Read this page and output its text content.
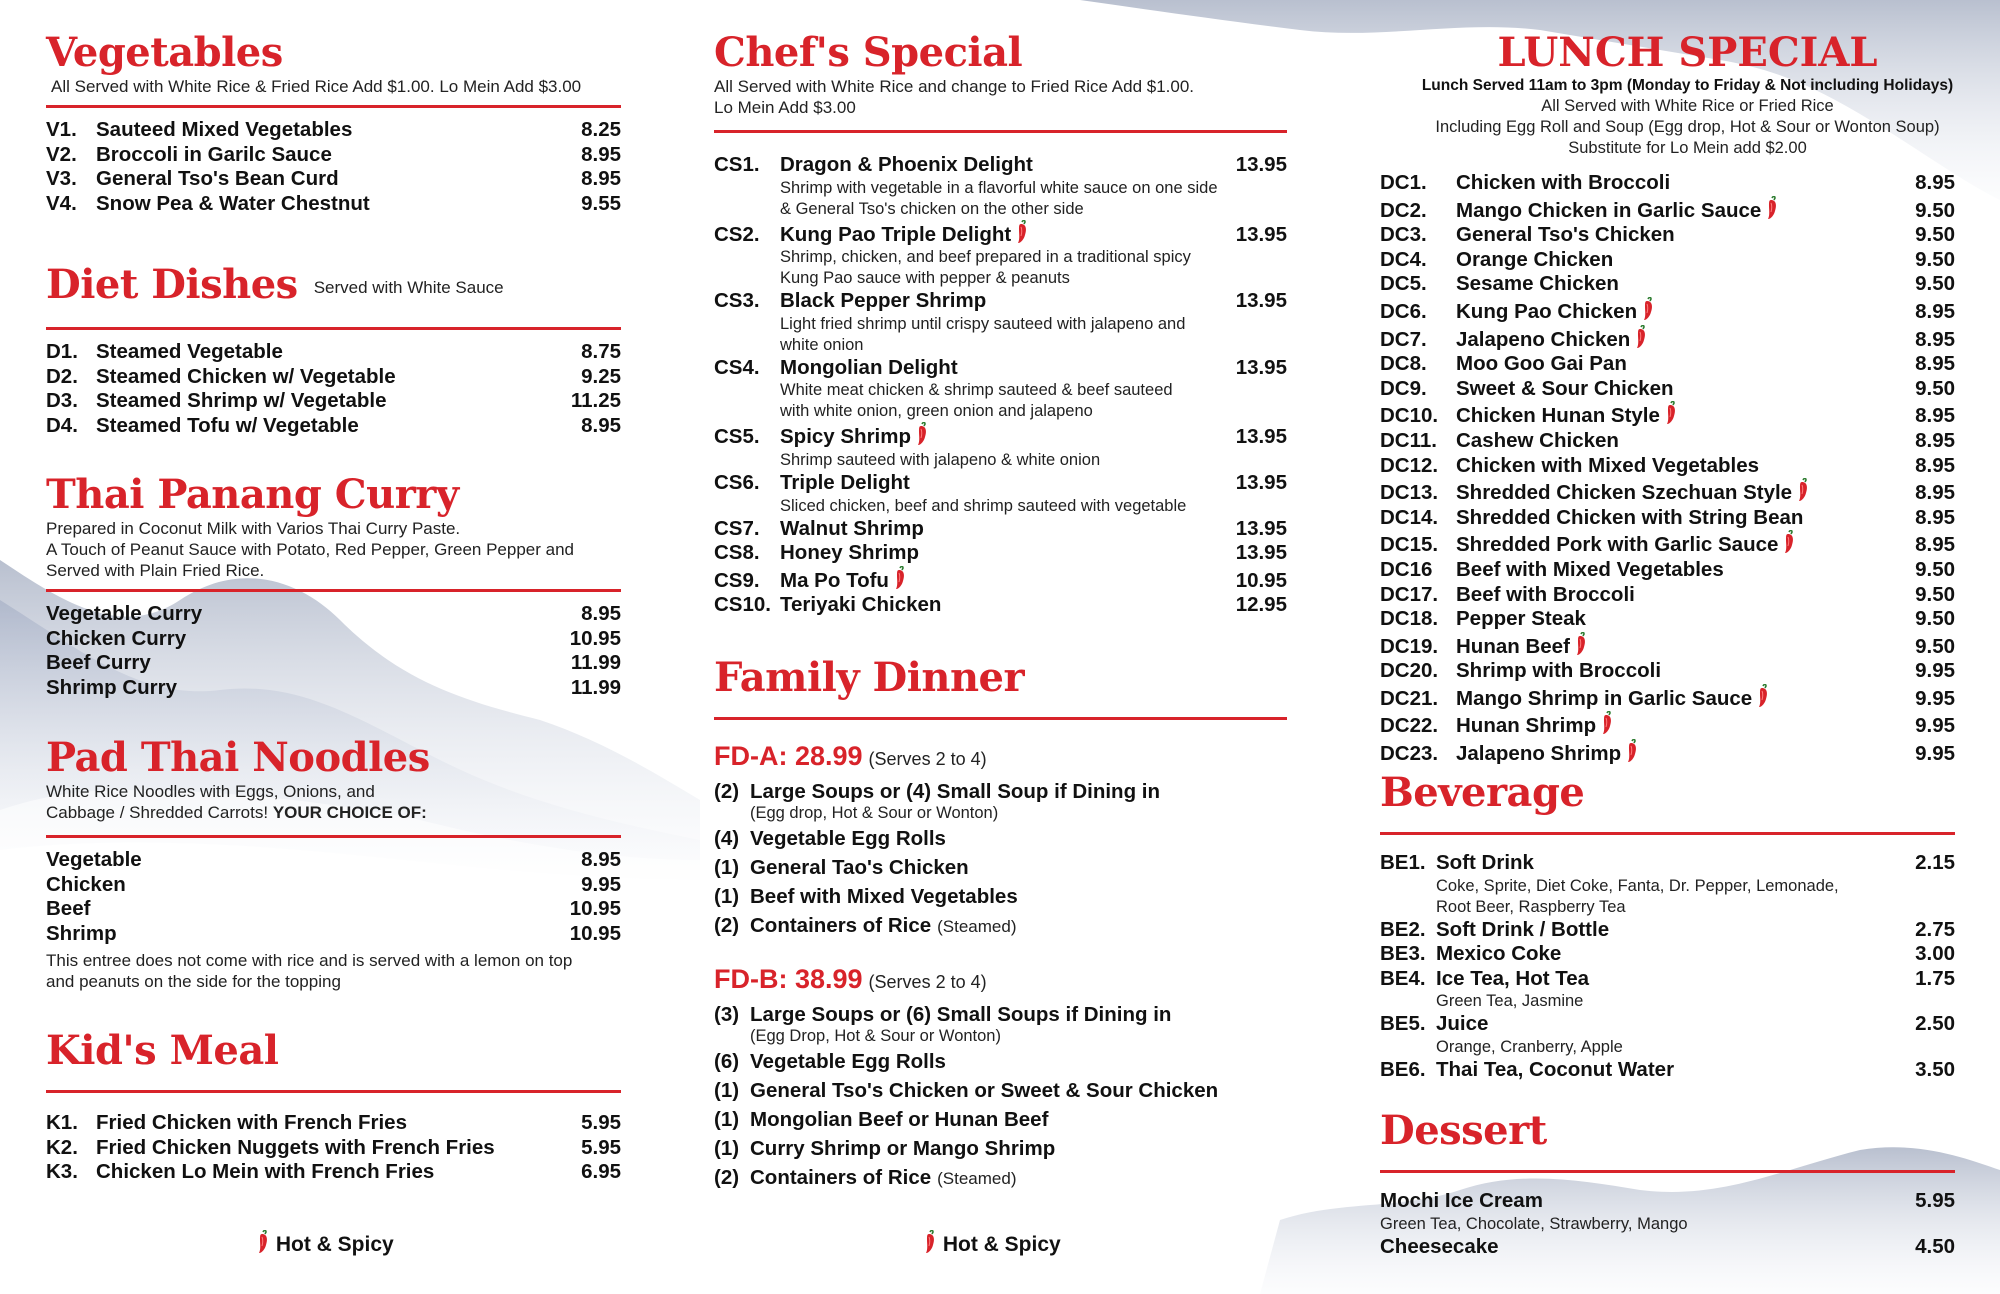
Vegetables
All Served with White Rice & Fried Rice Add $1.00. Lo Mein Add $3.00
V1. Sauteed Mixed Vegetables	8.25
V2. Broccoli in Garilc Sauce	8.95
V3. General Tso's Bean Curd	8.95
V4. Snow Pea & Water Chestnut	9.55
Diet Dishes Served with White Sauce
D1. Steamed Vegetable	8.75
D2. Steamed Chicken w/ Vegetable	9.25
D3. Steamed Shrimp w/ Vegetable	11.25
D4. Steamed Tofu w/ Vegetable	8.95
Thai Panang Curry
Prepared in Coconut Milk with Varios Thai Curry Paste.
A Touch of Peanut Sauce with Potato, Red Pepper, Green Pepper and
Served with Plain Fried Rice.
Vegetable Curry	8.95
Chicken Curry	10.95
Beef Curry	11.99
Shrimp Curry	11.99
Pad Thai Noodles
White Rice Noodles with Eggs, Onions, and
Cabbage / Shredded Carrots! YOUR CHOICE OF:
Vegetable	8.95
Chicken	9.95
Beef	10.95
Shrimp	10.95
This entree does not come with rice and is served with a lemon on top
and peanuts on the side for the topping
Kid's Meal
K1. Fried Chicken with French Fries	5.95
K2. Fried Chicken Nuggets with French Fries	5.95
K3. Chicken Lo Mein with French Fries	6.95
Hot & Spicy
Chef's Special
All Served with White Rice and change to Fried Rice Add $1.00.
Lo Mein Add $3.00
CS1. Dragon & Phoenix Delight	13.95
Shrimp with vegetable in a flavorful white sauce on one side
& General Tso's chicken on the other side
CS2. Kung Pao Triple Delight	13.95
Shrimp, chicken, and beef prepared in a traditional spicy
Kung Pao sauce with pepper & peanuts
CS3. Black Pepper Shrimp	13.95
Light fried shrimp until crispy sauteed with jalapeno and
white onion
CS4. Mongolian Delight	13.95
White meat chicken & shrimp sauteed & beef sauteed
with white onion, green onion and jalapeno
CS5. Spicy Shrimp	13.95
Shrimp sauteed with jalapeno & white onion
CS6. Triple Delight	13.95
Sliced chicken, beef and shrimp sauteed with vegetable
CS7. Walnut Shrimp	13.95
CS8. Honey Shrimp	13.95
CS9. Ma Po Tofu	10.95
CS10. Teriyaki Chicken	12.95
Family Dinner
FD-A: 28.99 (Serves 2 to 4)
(2) Large Soups or (4) Small Soup if Dining in
(Egg drop, Hot & Sour or Wonton)
(4) Vegetable Egg Rolls
(1) General Tao's Chicken
(1) Beef with Mixed Vegetables
(2) Containers of Rice (Steamed)
FD-B: 38.99 (Serves 2 to 4)
(3) Large Soups or (6) Small Soups if Dining in
(Egg Drop, Hot & Sour or Wonton)
(6) Vegetable Egg Rolls
(1) General Tso's Chicken or Sweet & Sour Chicken
(1) Mongolian Beef or Hunan Beef
(1) Curry Shrimp or Mango Shrimp
(2) Containers of Rice (Steamed)
Hot & Spicy
LUNCH SPECIAL
Lunch Served 11am to 3pm (Monday to Friday & Not including Holidays)
All Served with White Rice or Fried Rice
Including Egg Roll and Soup (Egg drop, Hot & Sour or Wonton Soup)
Substitute for Lo Mein add $2.00
DC1.	Chicken with Broccoli	8.95
DC2.	Mango Chicken in Garlic Sauce	9.50
DC3.	General Tso's Chicken	9.50
DC4.	Orange Chicken	9.50
DC5.	Sesame Chicken	9.50
DC6.	Kung Pao Chicken	8.95
DC7.	Jalapeno Chicken	8.95
DC8.	Moo Goo Gai Pan	8.95
DC9.	Sweet & Sour Chicken	9.50
DC10. Chicken Hunan Style	8.95
DC11. Cashew Chicken	8.95
DC12. Chicken with Mixed Vegetables	8.95
DC13. Shredded Chicken Szechuan Style	8.95
DC14. Shredded Chicken with String Bean	8.95
DC15. Shredded Pork with Garlic Sauce	8.95
DC16	Beef with Mixed Vegetables	9.50
DC17. Beef with Broccoli	9.50
DC18. Pepper Steak	9.50
DC19. Hunan Beef	9.50
DC20. Shrimp with Broccoli	9.95
DC21. Mango Shrimp in Garlic Sauce	9.95
DC22. Hunan Shrimp	9.95
DC23. Jalapeno Shrimp	9.95
Beverage
BE1. Soft Drink	2.15
Coke, Sprite, Diet Coke, Fanta, Dr. Pepper, Lemonade,
Root Beer, Raspberry Tea
BE2. Soft Drink / Bottle	2.75
BE3. Mexico Coke	3.00
BE4. Ice Tea, Hot Tea	1.75
Green Tea, Jasmine
BE5. Juice	2.50
Orange, Cranberry, Apple
BE6. Thai Tea, Coconut Water	3.50
Dessert
Mochi Ice Cream	5.95
Green Tea, Chocolate, Strawberry, Mango
Cheesecake	4.50
